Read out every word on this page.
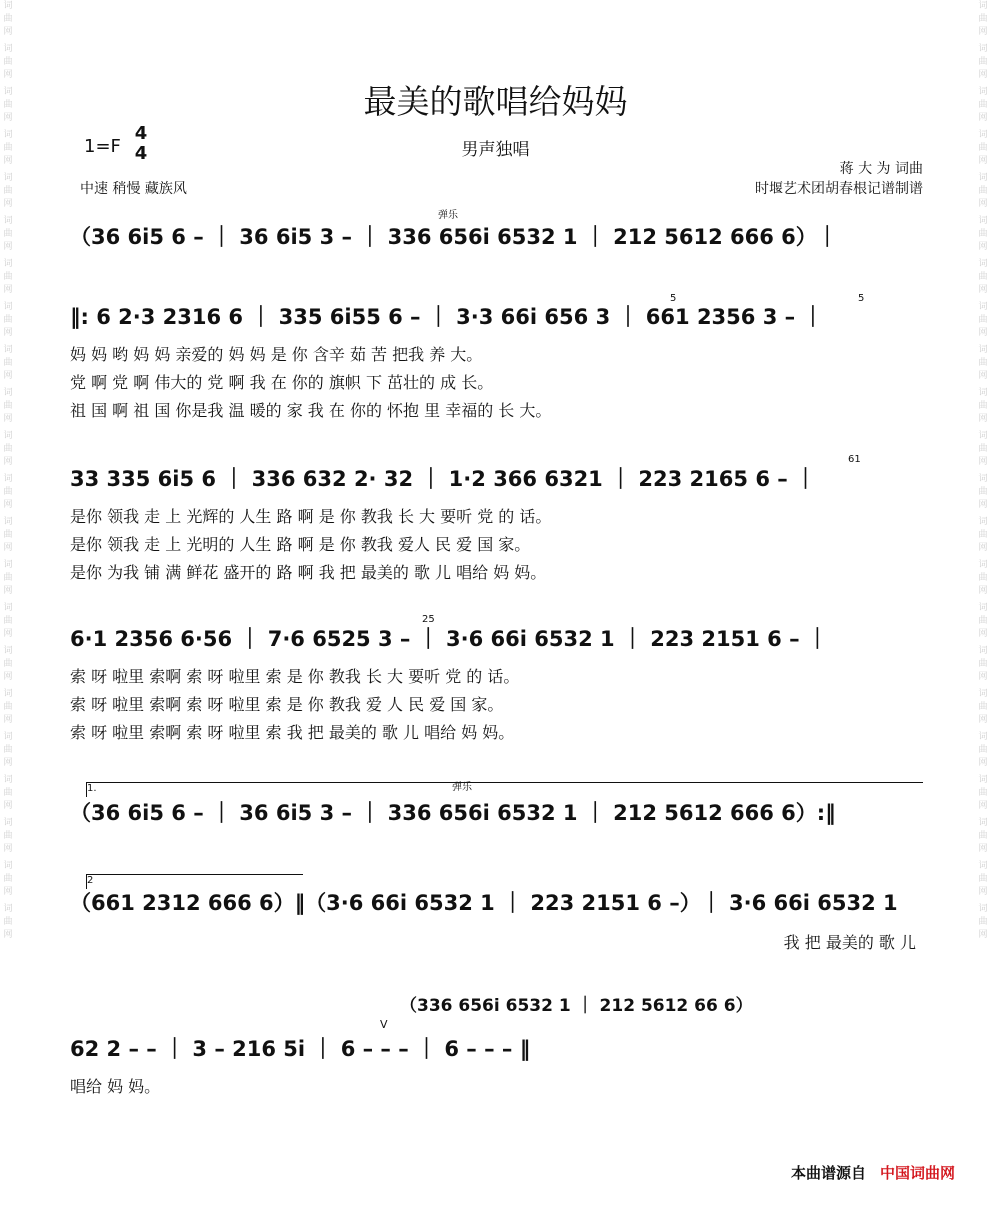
词曲网
词曲网
词曲网
词曲网
词曲网
词曲网
词曲网
词曲网
词曲网
词曲网
词曲网
词曲网
词曲网
词曲网
词曲网
词曲网
词曲网
词曲网
词曲网
词曲网
词曲网
词曲网
词曲网
词曲网
词曲网
词曲网
词曲网
词曲网
词曲网
词曲网
词曲网
词曲网
词曲网
词曲网
词曲网
词曲网
词曲网
词曲网
词曲网
词曲网
词曲网
词曲网
词曲网
词曲网
最美的歌唱给妈妈
1=F
4
4	男声独唱
中速 稍慢 藏族风
蒋 大 为 词曲
时堰艺术团胡春根记谱制谱
弹乐
弹乐
5	5
61
25
V
1.
2
（36 6i5 6 – ｜ 36 6i5 3 – ｜ 336 656i 6532 1 ｜ 212 5612 666 6）｜
‖: 6 2·3 2316 6 ｜ 335 6i55 6 – ｜ 3·3 66i 656 3 ｜ 661 2356 3 – ｜
妈 妈 哟 妈 妈 亲爱的 妈 妈 是 你 含辛 茹 苦 把我 养 大。
党 啊 党 啊 伟大的 党 啊 我 在 你的 旗帜 下 茁壮的 成 长。
祖 国 啊 祖 国 你是我 温 暖的 家 我 在 你的 怀抱 里 幸福的 长 大。
33 335 6i5 6 ｜ 336 632 2· 32 ｜ 1·2 366 6321 ｜ 223 2165 6 – ｜
是你 领我 走 上 光辉的 人生 路 啊 是 你 教我 长 大 要听 党 的 话。
是你 领我 走 上 光明的 人生 路 啊 是 你 教我 爱人 民 爱 国 家。
是你 为我 铺 满 鲜花 盛开的 路 啊 我 把 最美的 歌 儿 唱给 妈 妈。
6·1 2356 6·56 ｜ 7·6 6525 3 – ｜ 3·6 66i 6532 1 ｜ 223 2151 6 – ｜
索 呀 啦里 索啊 索 呀 啦里 索 是 你 教我 长 大 要听 党 的 话。
索 呀 啦里 索啊 索 呀 啦里 索 是 你 教我 爱 人 民 爱 国 家。
索 呀 啦里 索啊 索 呀 啦里 索 我 把 最美的 歌 儿 唱给 妈 妈。
（36 6i5 6 – ｜ 36 6i5 3 – ｜ 336 656i 6532 1 ｜ 212 5612 666 6）:‖
（661 2312 666 6）‖（3·6 66i 6532 1 ｜ 223 2151 6 –）｜ 3·6 66i 6532 1
我 把 最美的 歌 儿
（336 656i 6532 1 ｜ 212 5612 66 6）
62 2 – – ｜ 3 – 216 5i ｜ 6 – – – ｜ 6 – – – ‖
唱给 妈 妈。
本曲谱源自 中国词曲网
